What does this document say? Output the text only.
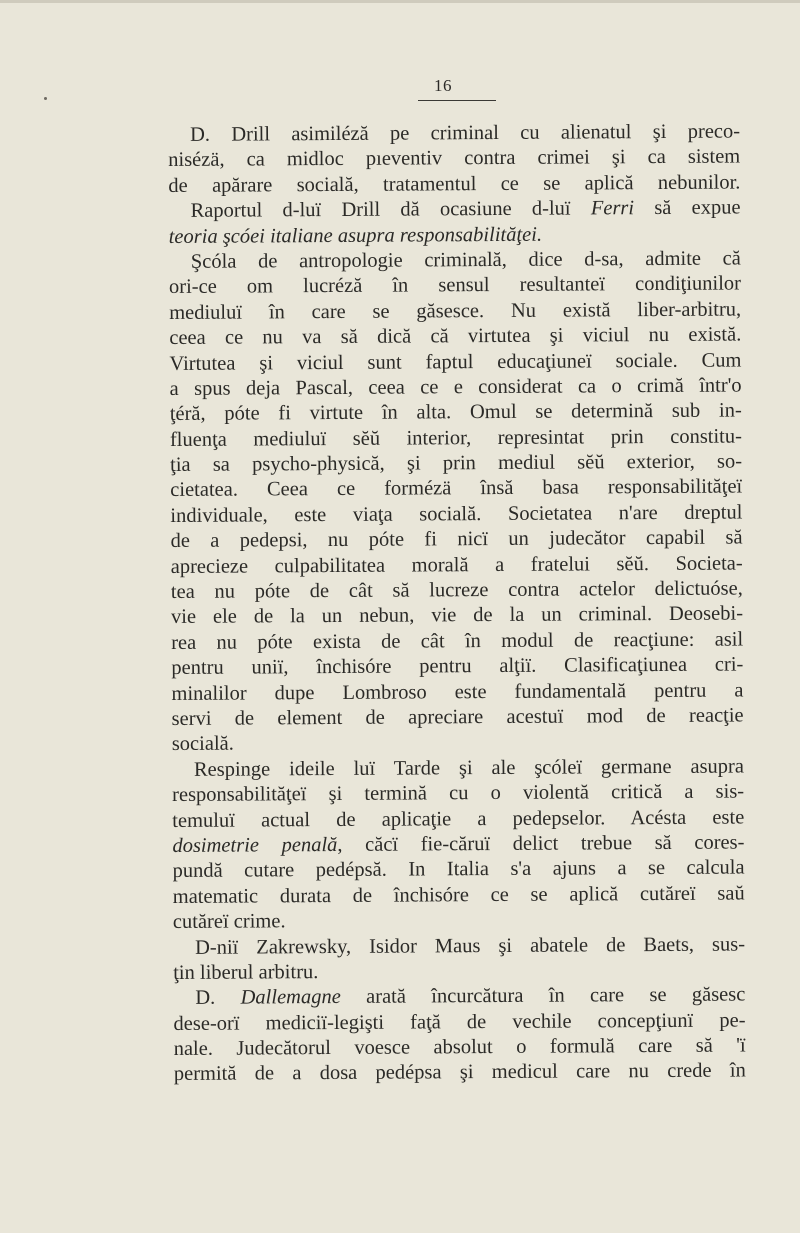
16
D. Drill asimiléză pe criminal cu alienatul şi preco-
nisézä, ca midloc pıeventiv contra crimei şi ca sistem
de apărare socială, tratamentul ce se aplică nebunilor.
Raportul d-luï Drill dă ocasiune d-luï Ferri să expue
teoria şcóei italiane asupra responsabilităţei.
Şcóla de antropologie criminală, dice d-sa, admite că
ori-ce om lucréză în sensul resultanteï condiţiunilor
mediuluï în care se găsesce. Nu există liber-arbitru,
ceea ce nu va să dică că virtutea şi viciul nu există.
Virtutea şi viciul sunt faptul educaţiuneï sociale. Cum
a spus deja Pascal, ceea ce e considerat ca o crimă într'o
ţéră, póte fi virtute în alta. Omul se determină sub in-
fluenţa mediuluï sĕŭ interior, represintat prin constitu-
ţia sa psycho-physică, şi prin mediul sĕŭ exterior, so-
cietatea. Ceea ce formézä însă basa responsabilităţeï
individuale, este viaţa socială. Societatea n'are dreptul
de a pedepsi, nu póte fi nicï un judecător capabil să
aprecieze culpabilitatea morală a fratelui sĕŭ. Societa-
tea nu póte de cât să lucreze contra actelor delictuóse,
vie ele de la un nebun, vie de la un criminal. Deosebi-
rea nu póte exista de cât în modul de reacţiune: asil
pentru uniï, închisóre pentru alţiï. Clasificaţiunea cri-
minalilor dupe Lombroso este fundamentală pentru a
servi de element de apreciare acestuï mod de reacţie
socială.
Respinge ideile luï Tarde şi ale şcóleï germane asupra
responsabilităţeï şi termină cu o violentă critică a sis-
temuluï actual de aplicaţie a pedepselor. Acésta este
dosimetrie penală, căcï fie-căruï delict trebue să cores-
pundă cutare pedépsă. In Italia s'a ajuns a se calcula
matematic durata de închisóre ce se aplică cutăreï saŭ
cutăreï crime.
D-niï Zakrewsky, Isidor Maus şi abatele de Baets, sus-
ţin liberul arbitru.
D. Dallemagne arată încurcătura în care se găsesc
dese-orï mediciï-legişti faţă de vechile concepţiunï pe-
nale. Judecătorul voesce absolut o formulă care să 'ï
permită de a dosa pedépsa şi medicul care nu crede în
